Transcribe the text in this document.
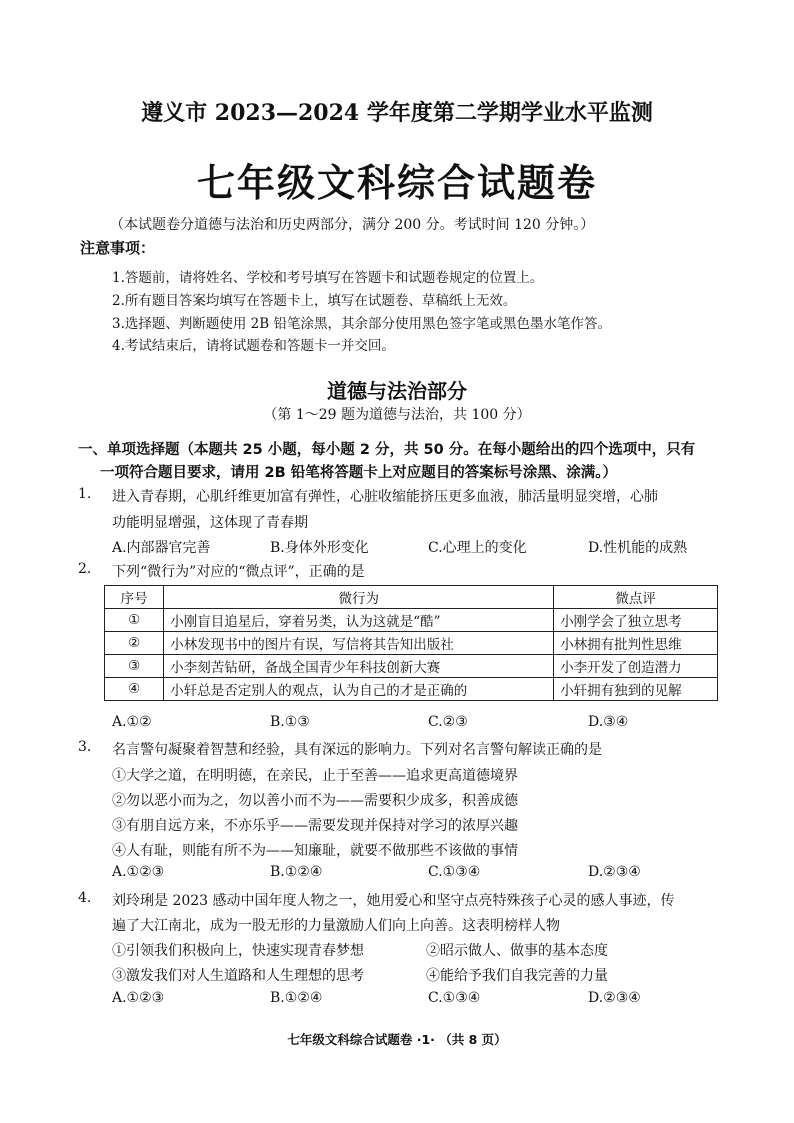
遵义市 2023—2024 学年度第二学期学业水平监测
七年级文科综合试题卷
（本试题卷分道德与法治和历史两部分，满分 200 分。考试时间 120 分钟。）
注意事项：
1.答题前，请将姓名、学校和考号填写在答题卡和试题卷规定的位置上。
2.所有题目答案均填写在答题卡上，填写在试题卷、草稿纸上无效。
3.选择题、判断题使用 2B 铅笔涂黑，其余部分使用黑色签字笔或黑色墨水笔作答。
4.考试结束后，请将试题卷和答题卡一并交回。
道德与法治部分
（第 1～29 题为道德与法治，共 100 分）
一、单项选择题（本题共 25 小题，每小题 2 分，共 50 分。在每小题给出的四个选项中，只有
一项符合题目要求，请用 2B 铅笔将答题卡上对应题目的答案标号涂黑、涂满。）
1. 进入青春期，心肌纤维更加富有弹性，心脏收缩能挤压更多血液，肺活量明显突增，心肺
功能明显增强，这体现了青春期
A.内部器官完善	B.身体外形变化	C.心理上的变化	D.性机能的成熟
2. 下列“微行为”对应的“微点评”，正确的是
序号	微行为	微点评
①	小刚盲目追星后，穿着另类，认为这就是“酷”	小刚学会了独立思考
②	小林发现书中的图片有误，写信将其告知出版社	小林拥有批判性思维
③	小李刻苦钻研，备战全国青少年科技创新大赛	小李开发了创造潜力
④	小轩总是否定别人的观点，认为自己的才是正确的	小轩拥有独到的见解
A.①②	B.①③	C.②③	D.③④
3. 名言警句凝聚着智慧和经验，具有深远的影响力。下列对名言警句解读正确的是
①大学之道，在明明德，在亲民，止于至善——追求更高道德境界
②勿以恶小而为之，勿以善小而不为——需要积少成多，积善成德
③有朋自远方来，不亦乐乎——需要发现并保持对学习的浓厚兴趣
④人有耻，则能有所不为——知廉耻，就要不做那些不该做的事情
A.①②③	B.①②④	C.①③④	D.②③④
4. 刘玲琍是 2023 感动中国年度人物之一，她用爱心和坚守点亮特殊孩子心灵的感人事迹，传
遍了大江南北，成为一股无形的力量激励人们向上向善。这表明榜样人物
①引领我们积极向上，快速实现青春梦想	②昭示做人、做事的基本态度
③激发我们对人生道路和人生理想的思考	④能给予我们自我完善的力量
A.①②③	B.①②④	C.①③④	D.②③④
七年级文科综合试题卷 ·1· （共 8 页）
